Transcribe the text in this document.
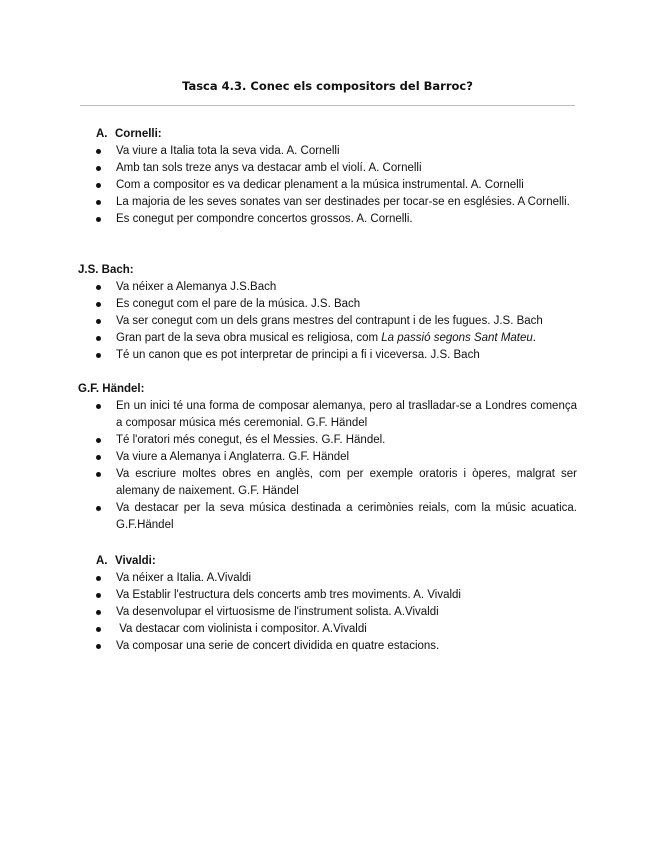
Tasca 4.3. Conec els compositors del Barroc?
A. Cornelli:
Va viure a Italia tota la seva vida. A. Cornelli
Amb tan sols treze anys va destacar amb el violí. A. Cornelli
Com a compositor es va dedicar plenament a la música instrumental. A. Cornelli
La majoria de les seves sonates van ser destinades per tocar-se en esglésies. A Cornelli.
Es conegut per compondre concertos grossos. A. Cornelli.
J.S. Bach:
Va néixer a Alemanya J.S.Bach
Es conegut com el pare de la música. J.S. Bach
Va ser conegut com un dels grans mestres del contrapunt i de les fugues. J.S. Bach
Gran part de la seva obra musical es religiosa, com La passió segons Sant Mateu.
Té un canon que es pot interpretar de principi a fi i viceversa. J.S. Bach
G.F. Händel:
En un inici té una forma de composar alemanya, pero al traslladar-se a Londres comença a composar música més ceremonial. G.F. Händel
Té l'oratori més conegut, és el Messies. G.F. Händel.
Va viure a Alemanya i Anglaterra. G.F. Händel
Va escriure moltes obres en anglès, com per exemple oratoris i òperes, malgrat ser alemany de naixement. G.F. Händel
Va destacar per la seva música destinada a cerimònies reials, com la músic acuatica. G.F.Händel
A. Vivaldi:
Va néixer a Italia. A.Vivaldi
Va Establir l'estructura dels concerts amb tres moviments. A. Vivaldi
Va desenvolupar el virtuosisme de l'instrument solista. A.Vivaldi
Va destacar com violinista i compositor. A.Vivaldi
Va composar una serie de concert dividida en quatre estacions.
